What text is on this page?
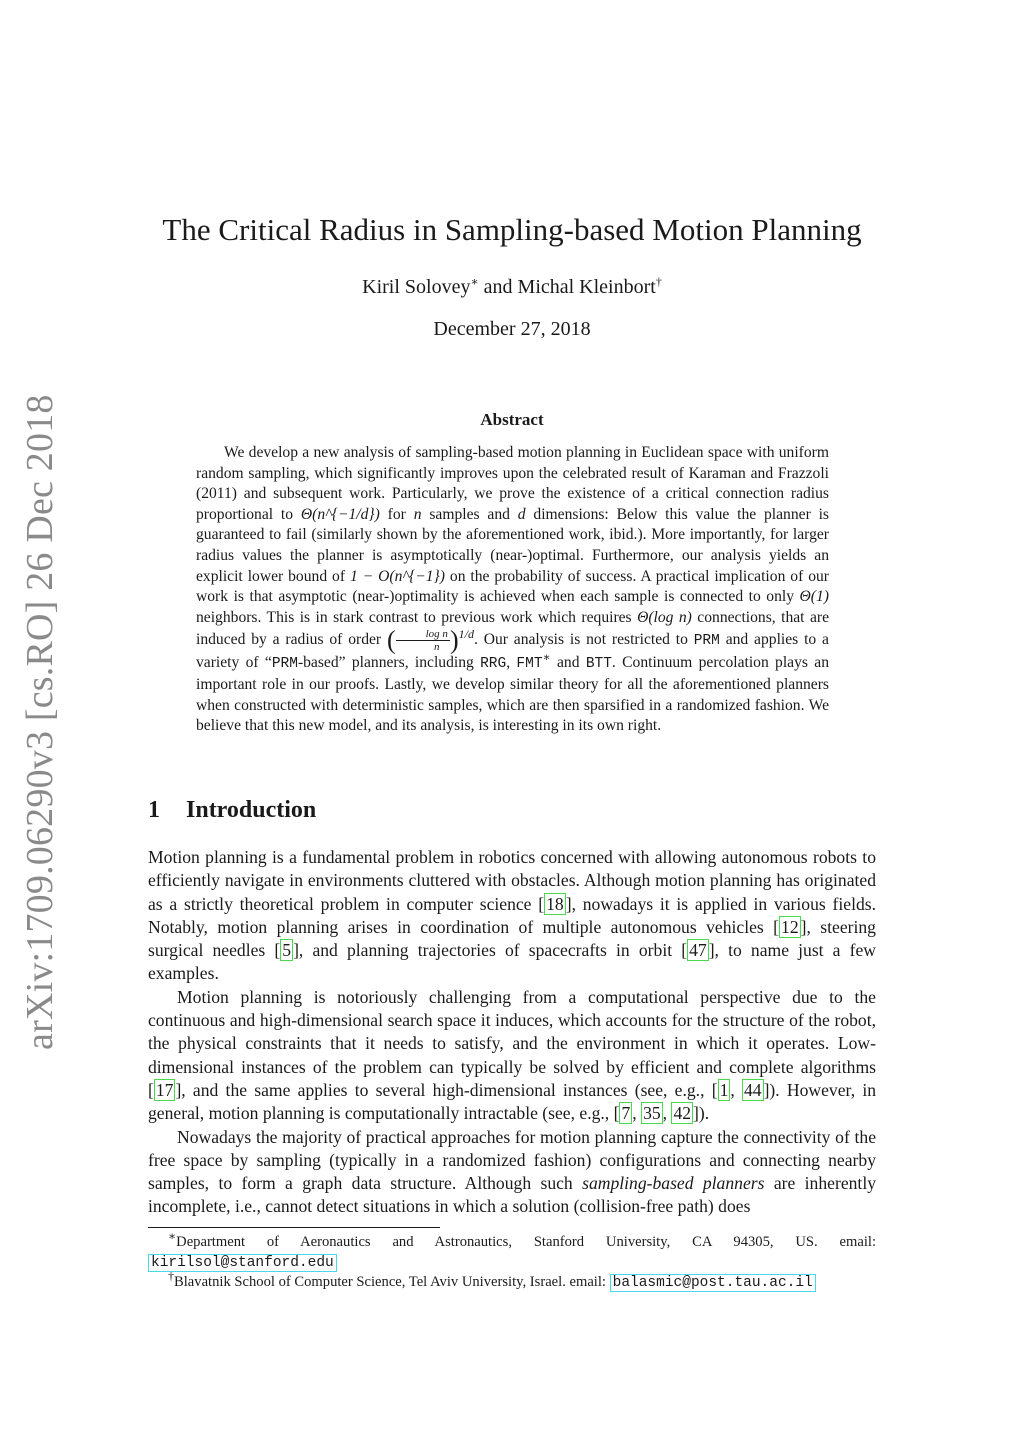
arXiv:1709.06290v3 [cs.RO] 26 Dec 2018
The Critical Radius in Sampling-based Motion Planning
Kiril Solovey∗ and Michal Kleinbort†
December 27, 2018
Abstract

We develop a new analysis of sampling-based motion planning in Euclidean space with uniform random sampling, which significantly improves upon the celebrated result of Karaman and Frazzoli (2011) and subsequent work. Particularly, we prove the existence of a critical connection radius proportional to Θ(n^{−1/d}) for n samples and d dimensions: Below this value the planner is guaranteed to fail (similarly shown by the aforementioned work, ibid.). More importantly, for larger radius values the planner is asymptotically (near-)optimal. Furthermore, our analysis yields an explicit lower bound of 1 − O(n^{−1}) on the probability of success. A practical implication of our work is that asymptotic (near-)optimality is achieved when each sample is connected to only Θ(1) neighbors. This is in stark contrast to previous work which requires Θ(log n) connections, that are induced by a radius of order ( $\frac{\text{log n}}{n} )^{1/d}$. Our analysis is not restricted to PRM and applies to a variety of “PRM-based” planners, including RRG, FMT∗ and BTT. Continuum percolation plays an important role in our proofs. Lastly, we develop similar theory for all the aforementioned planners when constructed with deterministic samples, which are then sparsified in a randomized fashion. We believe that this new model, and its analysis, is interesting in its own right.

1 Introduction

Motion planning is a fundamental problem in robotics concerned with allowing autonomous robots to efficiently navigate in environments cluttered with obstacles. Although motion planning has originated as a strictly theoretical problem in computer science [ 18 ], nowadays it is applied in various fields. Notably, motion planning arises in coordination of multiple autonomous vehicles [ 12 ], steering surgical needles [ 5 ], and planning trajectories of spacecrafts in orbit [ 47 ], to name just a few examples.

Motion planning is notoriously challenging from a computational perspective due to the continuous and high-dimensional search space it induces, which accounts for the structure of the robot, the physical constraints that it needs to satisfy, and the environment in which it operates. Low-dimensional instances of the problem can typically be solved by efficient and complete algorithms [ 17 ], and the same applies to several high-dimensional instances (see, e.g., [ 1 , 44 ]). However, in general, motion planning is computationally intractable (see, e.g., [ 7 , 35 , 42 ]).

Nowadays the majority of practical approaches for motion planning capture the connectivity of the free space by sampling (typically in a randomized fashion) configurations and connecting nearby samples, to form a graph data structure. Although such sampling-based planners are inherently incomplete, i.e., cannot detect situations in which a solution (collision-free path) does

∗Department of Aeronautics and Astronautics, Stanford University, CA 94305, US. email: kirilsol@stanford.edu

†Blavatnik School of Computer Science, Tel Aviv University, Israel. email: balasmic@post.tau.ac.il
